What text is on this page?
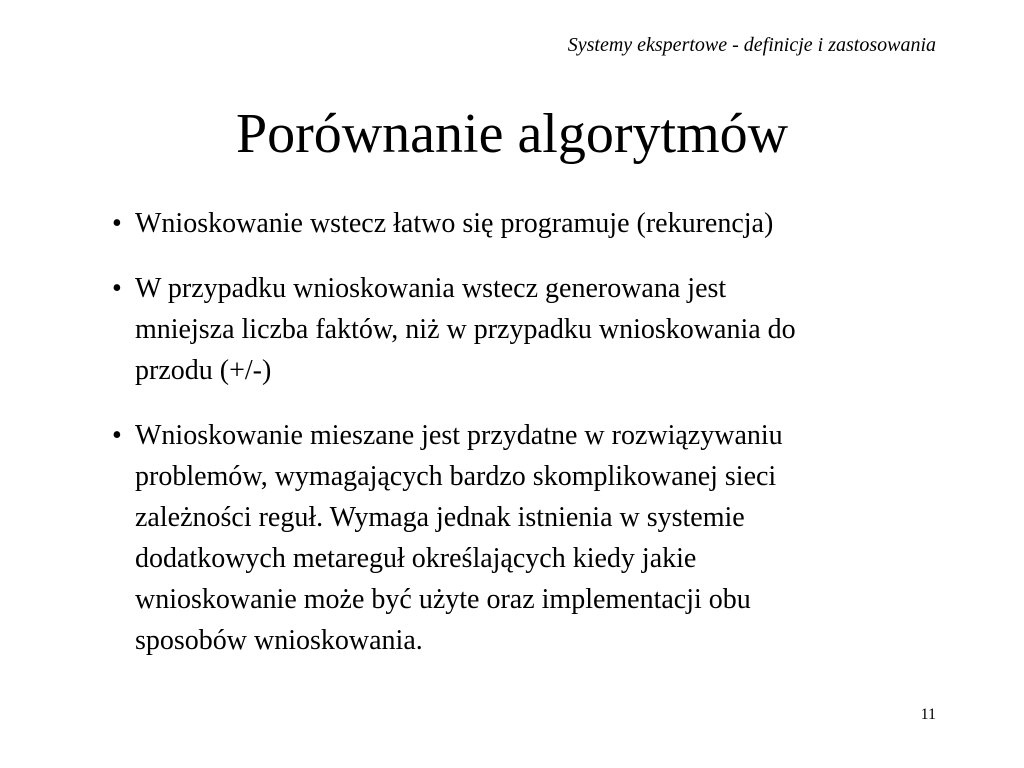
Systemy ekspertowe - definicje i zastosowania
Porównanie algorytmów
• Wnioskowanie wstecz łatwo się programuje (rekurencja)
• W przypadku wnioskowania wstecz generowana jest
mniejsza liczba faktów, niż w przypadku wnioskowania do
przodu (+/-)
• Wnioskowanie mieszane jest przydatne w rozwiązywaniu
problemów, wymagających bardzo skomplikowanej sieci
zależności reguł. Wymaga jednak istnienia w systemie
dodatkowych metareguł określających kiedy jakie
wnioskowanie może być użyte oraz implementacji obu
sposobów wnioskowania.
11
